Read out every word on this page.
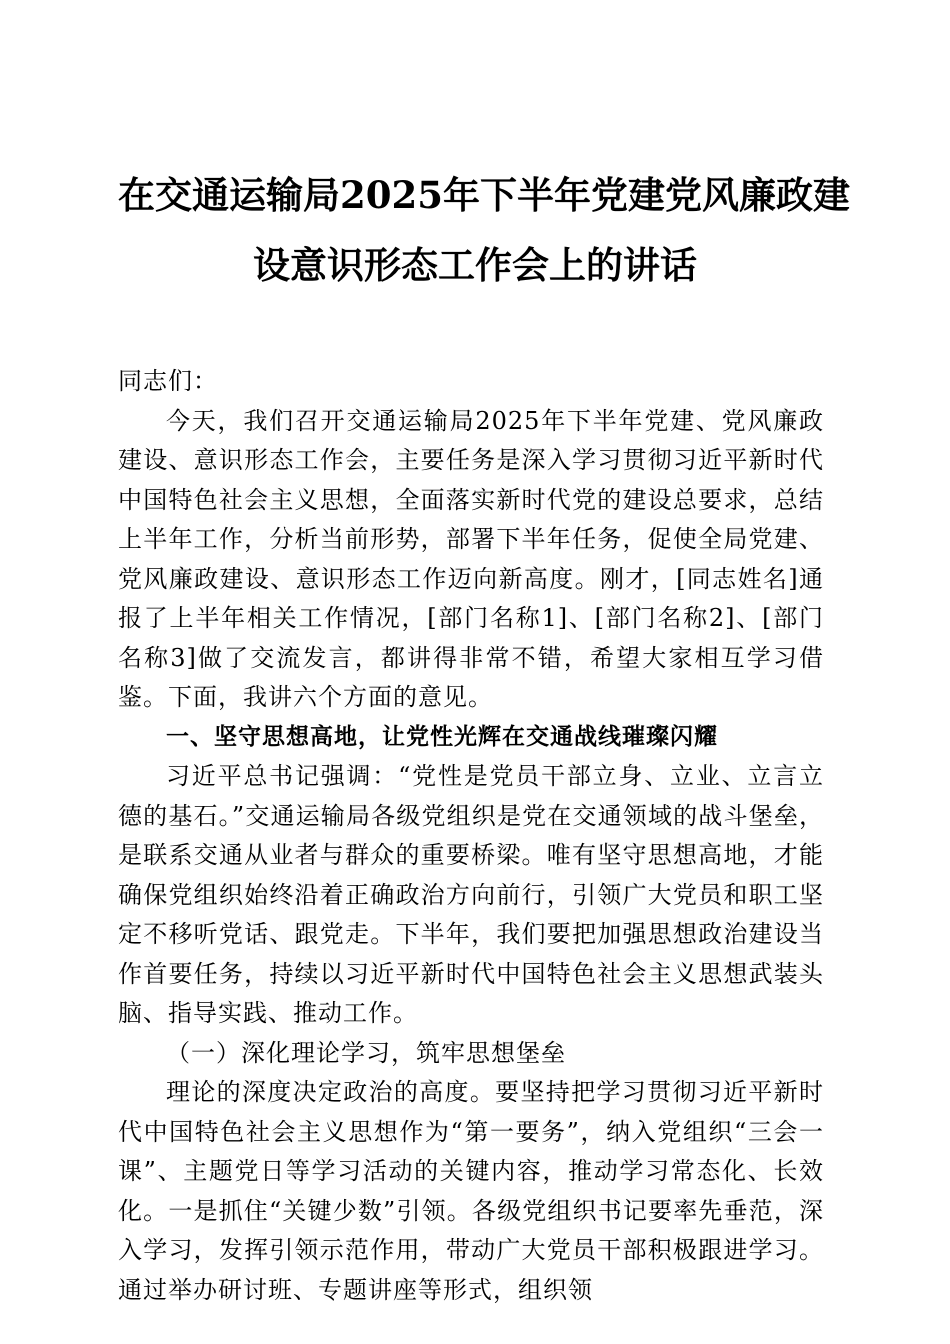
在交通运输局2025年下半年党建党风廉政建
设意识形态工作会上的讲话

同志们：

今天，我们召开交通运输局2025年下半年党建、党风廉政建设、意识形态工作会，主要任务是深入学习贯彻习近平新时代中国特色社会主义思想，全面落实新时代党的建设总要求，总结上半年工作，分析当前形势，部署下半年任务，促使全局党建、党风廉政建设、意识形态工作迈向新高度。刚才，[同志姓名]通报了上半年相关工作情况，[部门名称1]、[部门名称2]、[部门名称3]做了交流发言，都讲得非常不错，希望大家相互学习借鉴。下面，我讲六个方面的意见。

一、坚守思想高地，让党性光辉在交通战线璀璨闪耀

习近平总书记强调：“党性是党员干部立身、立业、立言立德的基石。”交通运输局各级党组织是党在交通领域的战斗堡垒，是联系交通从业者与群众的重要桥梁。唯有坚守思想高地，才能确保党组织始终沿着正确政治方向前行，引领广大党员和职工坚定不移听党话、跟党走。下半年，我们要把加强思想政治建设当作首要任务，持续以习近平新时代中国特色社会主义思想武装头脑、指导实践、推动工作。

（一）深化理论学习，筑牢思想堡垒

理论的深度决定政治的高度。要坚持把学习贯彻习近平新时代中国特色社会主义思想作为“第一要务”，纳入党组织“三会一课”、主题党日等学习活动的关键内容，推动学习常态化、长效化。一是抓住“关键少数”引领。各级党组织书记要率先垂范，深入学习，发挥引领示范作用，带动广大党员干部积极跟进学习。通过举办研讨班、专题讲座等形式，组织领
